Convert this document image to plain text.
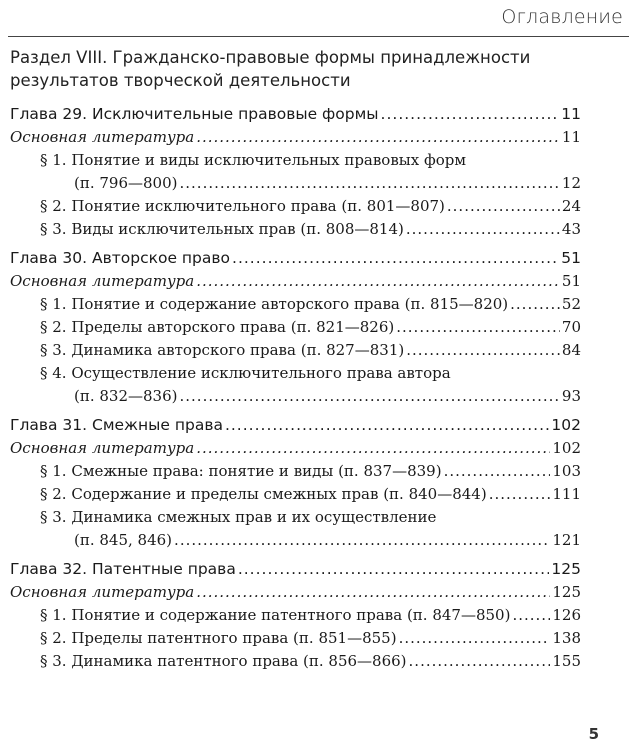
Оглавление
Раздел VIII. Гражданско-правовые формы принадлежности результатов творческой деятельности
Глава 29. Исключительные правовые формы .....	11
Основная литература .....	11
§ 1. Понятие и виды исключительных правовых форм
(п. 796—800) .....	12
§ 2. Понятие исключительного права (п. 801—807) .....	24
§ 3. Виды исключительных прав (п. 808—814) .....	43
Глава 30. Авторское право .....	51
Основная литература .....	51
§ 1. Понятие и содержание авторского права (п. 815—820) .....	52
§ 2. Пределы авторского права (п. 821—826) .....	70
§ 3. Динамика авторского права (п. 827—831) .....	84
§ 4. Осуществление исключительного права автора
(п. 832—836) .....	93
Глава 31. Смежные права .....	102
Основная литература .....	102
§ 1. Смежные права: понятие и виды (п. 837—839) .....	103
§ 2. Содержание и пределы смежных прав (п. 840—844) .....	111
§ 3. Динамика смежных прав и их осуществление
(п. 845, 846) .....	121
Глава 32. Патентные права .....	125
Основная литература .....	125
§ 1. Понятие и содержание патентного права (п. 847—850) .....	126
§ 2. Пределы патентного права (п. 851—855) .....	138
§ 3. Динамика патентного права (п. 856—866) .....	155
5
